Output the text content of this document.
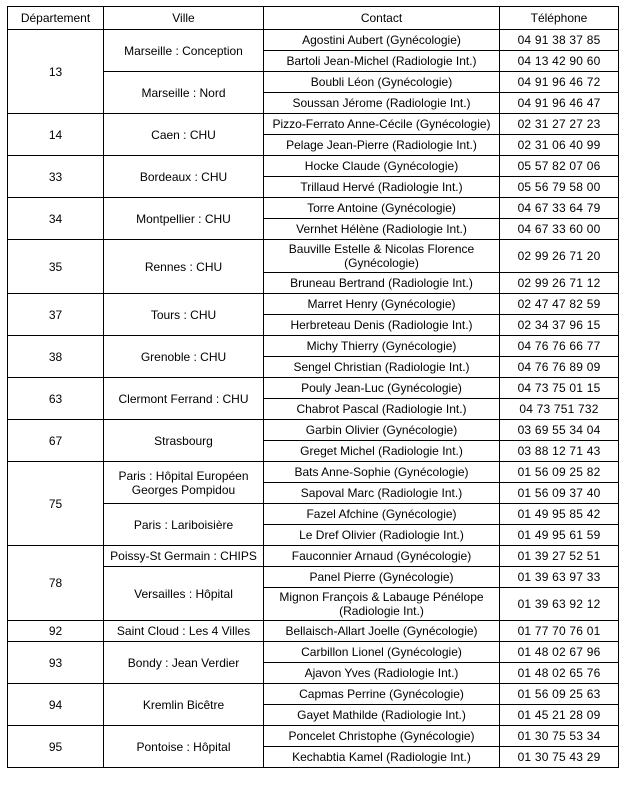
Département	Ville	Contact	Téléphone
13	Marseille : Conception	Agostini Aubert (Gynécologie)	04 91 38 37 85
		Bartoli Jean-Michel (Radiologie Int.)	04 13 42 90 60
	Marseille : Nord	Boubli Léon (Gynécologie)	04 91 96 46 72
		Soussan Jérome (Radiologie Int.)	04 91 96 46 47
14	Caen : CHU	Pizzo-Ferrato Anne-Cécile (Gynécologie)	02 31 27 27 23
		Pelage Jean-Pierre (Radiologie Int.)	02 31 06 40 99
33	Bordeaux : CHU	Hocke Claude (Gynécologie)	05 57 82 07 06
		Trillaud Hervé (Radiologie Int.)	05 56 79 58 00
34	Montpellier : CHU	Torre Antoine (Gynécologie)	04 67 33 64 79
		Vernhet Hélène (Radiologie Int.)	04 67 33 60 00
35	Rennes : CHU	Bauville Estelle & Nicolas Florence (Gynécologie)	02 99 26 71 20
		Bruneau Bertrand (Radiologie Int.)	02 99 26 71 12
37	Tours : CHU	Marret Henry (Gynécologie)	02 47 47 82 59
		Herbreteau Denis (Radiologie Int.)	02 34 37 96 15
38	Grenoble : CHU	Michy Thierry (Gynécologie)	04 76 76 66 77
		Sengel Christian (Radiologie Int.)	04 76 76 89 09
63	Clermont Ferrand : CHU	Pouly Jean-Luc (Gynécologie)	04 73 75 01 15
		Chabrot Pascal (Radiologie Int.)	04 73 751 732
67	Strasbourg	Garbin Olivier (Gynécologie)	03 69 55 34 04
		Greget Michel (Radiologie Int.)	03 88 12 71 43
75	Paris : Hôpital Européen Georges Pompidou	Bats Anne-Sophie (Gynécologie)	01 56 09 25 82
		Sapoval Marc (Radiologie Int.)	01 56 09 37 40
	Paris : Lariboisière	Fazel Afchine (Gynécologie)	01 49 95 85 42
		Le Dref Olivier (Radiologie Int.)	01 49 95 61 59
78	Poissy-St Germain : CHIPS	Fauconnier Arnaud (Gynécologie)	01 39 27 52 51
	Versailles : Hôpital	Panel Pierre (Gynécologie)	01 39 63 97 33
		Mignon François & Labauge Pénélope (Radiologie Int.)	01 39 63 92 12
92	Saint Cloud : Les 4 Villes	Bellaisch-Allart Joelle (Gynécologie)	01 77 70 76 01
93	Bondy : Jean Verdier	Carbillon Lionel (Gynécologie)	01 48 02 67 96
		Ajavon Yves (Radiologie Int.)	01 48 02 65 76
94	Kremlin Bicêtre	Capmas Perrine (Gynécologie)	01 56 09 25 63
		Gayet Mathilde (Radiologie Int.)	01 45 21 28 09
95	Pontoise : Hôpital	Poncelet Christophe (Gynécologie)	01 30 75 53 34
		Kechabtia Kamel (Radiologie Int.)	01 30 75 43 29
